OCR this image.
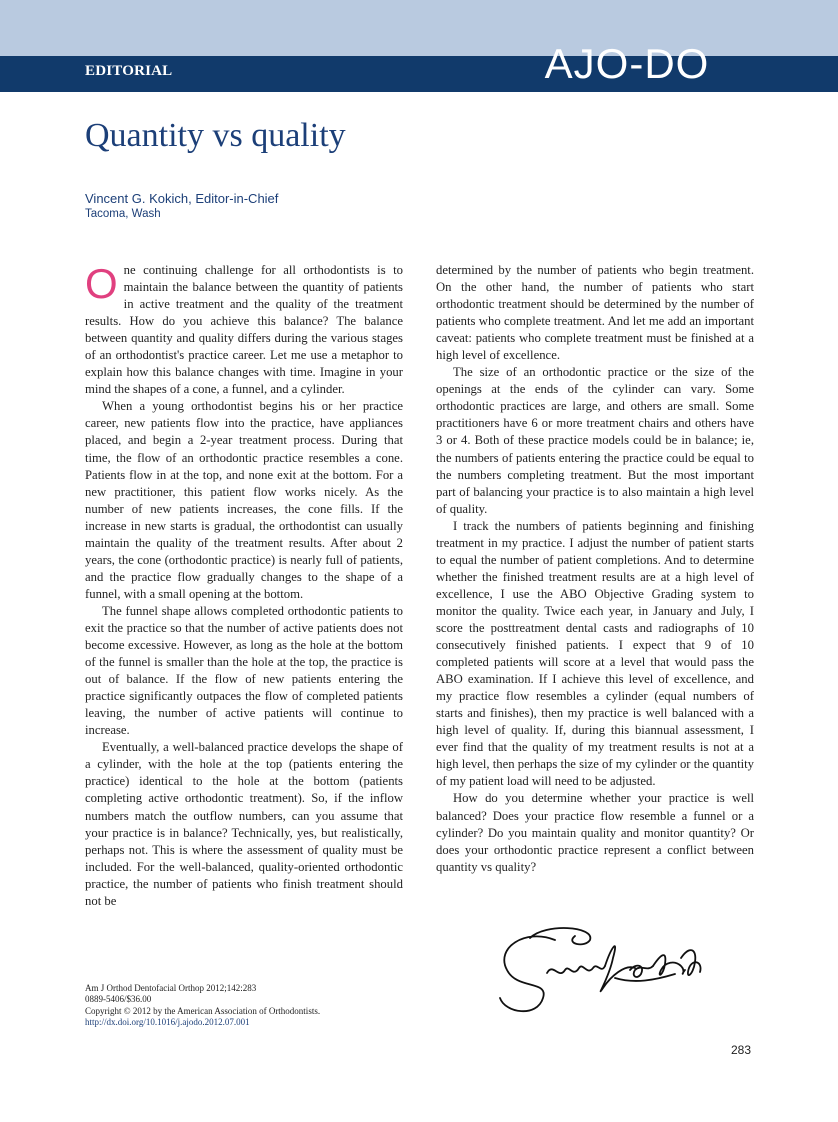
EDITORIAL	AJO-DO
Quantity vs quality
Vincent G. Kokich, Editor-in-Chief
Tacoma, Wash

One continuing challenge for all orthodontists is to maintain the balance between the quantity of patients in active treatment and the quality of the treatment results. How do you achieve this balance? The balance between quantity and quality differs during the various stages of an orthodontist's practice career. Let me use a metaphor to explain how this balance changes with time. Imagine in your mind the shapes of a cone, a funnel, and a cylinder.

When a young orthodontist begins his or her practice career, new patients flow into the practice, have appliances placed, and begin a 2-year treatment process. During that time, the flow of an orthodontic practice resembles a cone. Patients flow in at the top, and none exit at the bottom. For a new practitioner, this patient flow works nicely. As the number of new patients increases, the cone fills. If the increase in new starts is gradual, the orthodontist can usually maintain the quality of the treatment results. After about 2 years, the cone (orthodontic practice) is nearly full of patients, and the practice flow gradually changes to the shape of a funnel, with a small opening at the bottom.

The funnel shape allows completed orthodontic patients to exit the practice so that the number of active patients does not become excessive. However, as long as the hole at the bottom of the funnel is smaller than the hole at the top, the practice is out of balance. If the flow of new patients entering the practice significantly outpaces the flow of completed patients leaving, the number of active patients will continue to increase.

Eventually, a well-balanced practice develops the shape of a cylinder, with the hole at the top (patients entering the practice) identical to the hole at the bottom (patients completing active orthodontic treatment). So, if the inflow numbers match the outflow numbers, can you assume that your practice is in balance? Technically, yes, but realistically, perhaps not. This is where the assessment of quality must be included. For the well-balanced, quality-oriented orthodontic practice, the number of patients who finish treatment should not be

determined by the number of patients who begin treatment. On the other hand, the number of patients who start orthodontic treatment should be determined by the number of patients who complete treatment. And let me add an important caveat: patients who complete treatment must be finished at a high level of excellence.

The size of an orthodontic practice or the size of the openings at the ends of the cylinder can vary. Some orthodontic practices are large, and others are small. Some practitioners have 6 or more treatment chairs and others have 3 or 4. Both of these practice models could be in balance; ie, the numbers of patients entering the practice could be equal to the numbers completing treatment. But the most important part of balancing your practice is to also maintain a high level of quality.

I track the numbers of patients beginning and finishing treatment in my practice. I adjust the number of patient starts to equal the number of patient completions. And to determine whether the finished treatment results are at a high level of excellence, I use the ABO Objective Grading system to monitor the quality. Twice each year, in January and July, I score the posttreatment dental casts and radiographs of 10 consecutively finished patients. I expect that 9 of 10 completed patients will score at a level that would pass the ABO examination. If I achieve this level of excellence, and my practice flow resembles a cylinder (equal numbers of starts and finishes), then my practice is well balanced with a high level of quality. If, during this biannual assessment, I ever find that the quality of my treatment results is not at a high level, then perhaps the size of my cylinder or the quantity of my patient load will need to be adjusted.

How do you determine whether your practice is well balanced? Does your practice flow resemble a funnel or a cylinder? Do you maintain quality and monitor quantity? Or does your orthodontic practice represent a conflict between quantity vs quality?

Am J Orthod Dentofacial Orthop 2012;142:283
0889-5406/$36.00
Copyright © 2012 by the American Association of Orthodontists.
http://dx.doi.org/10.1016/j.ajodo.2012.07.001
283
